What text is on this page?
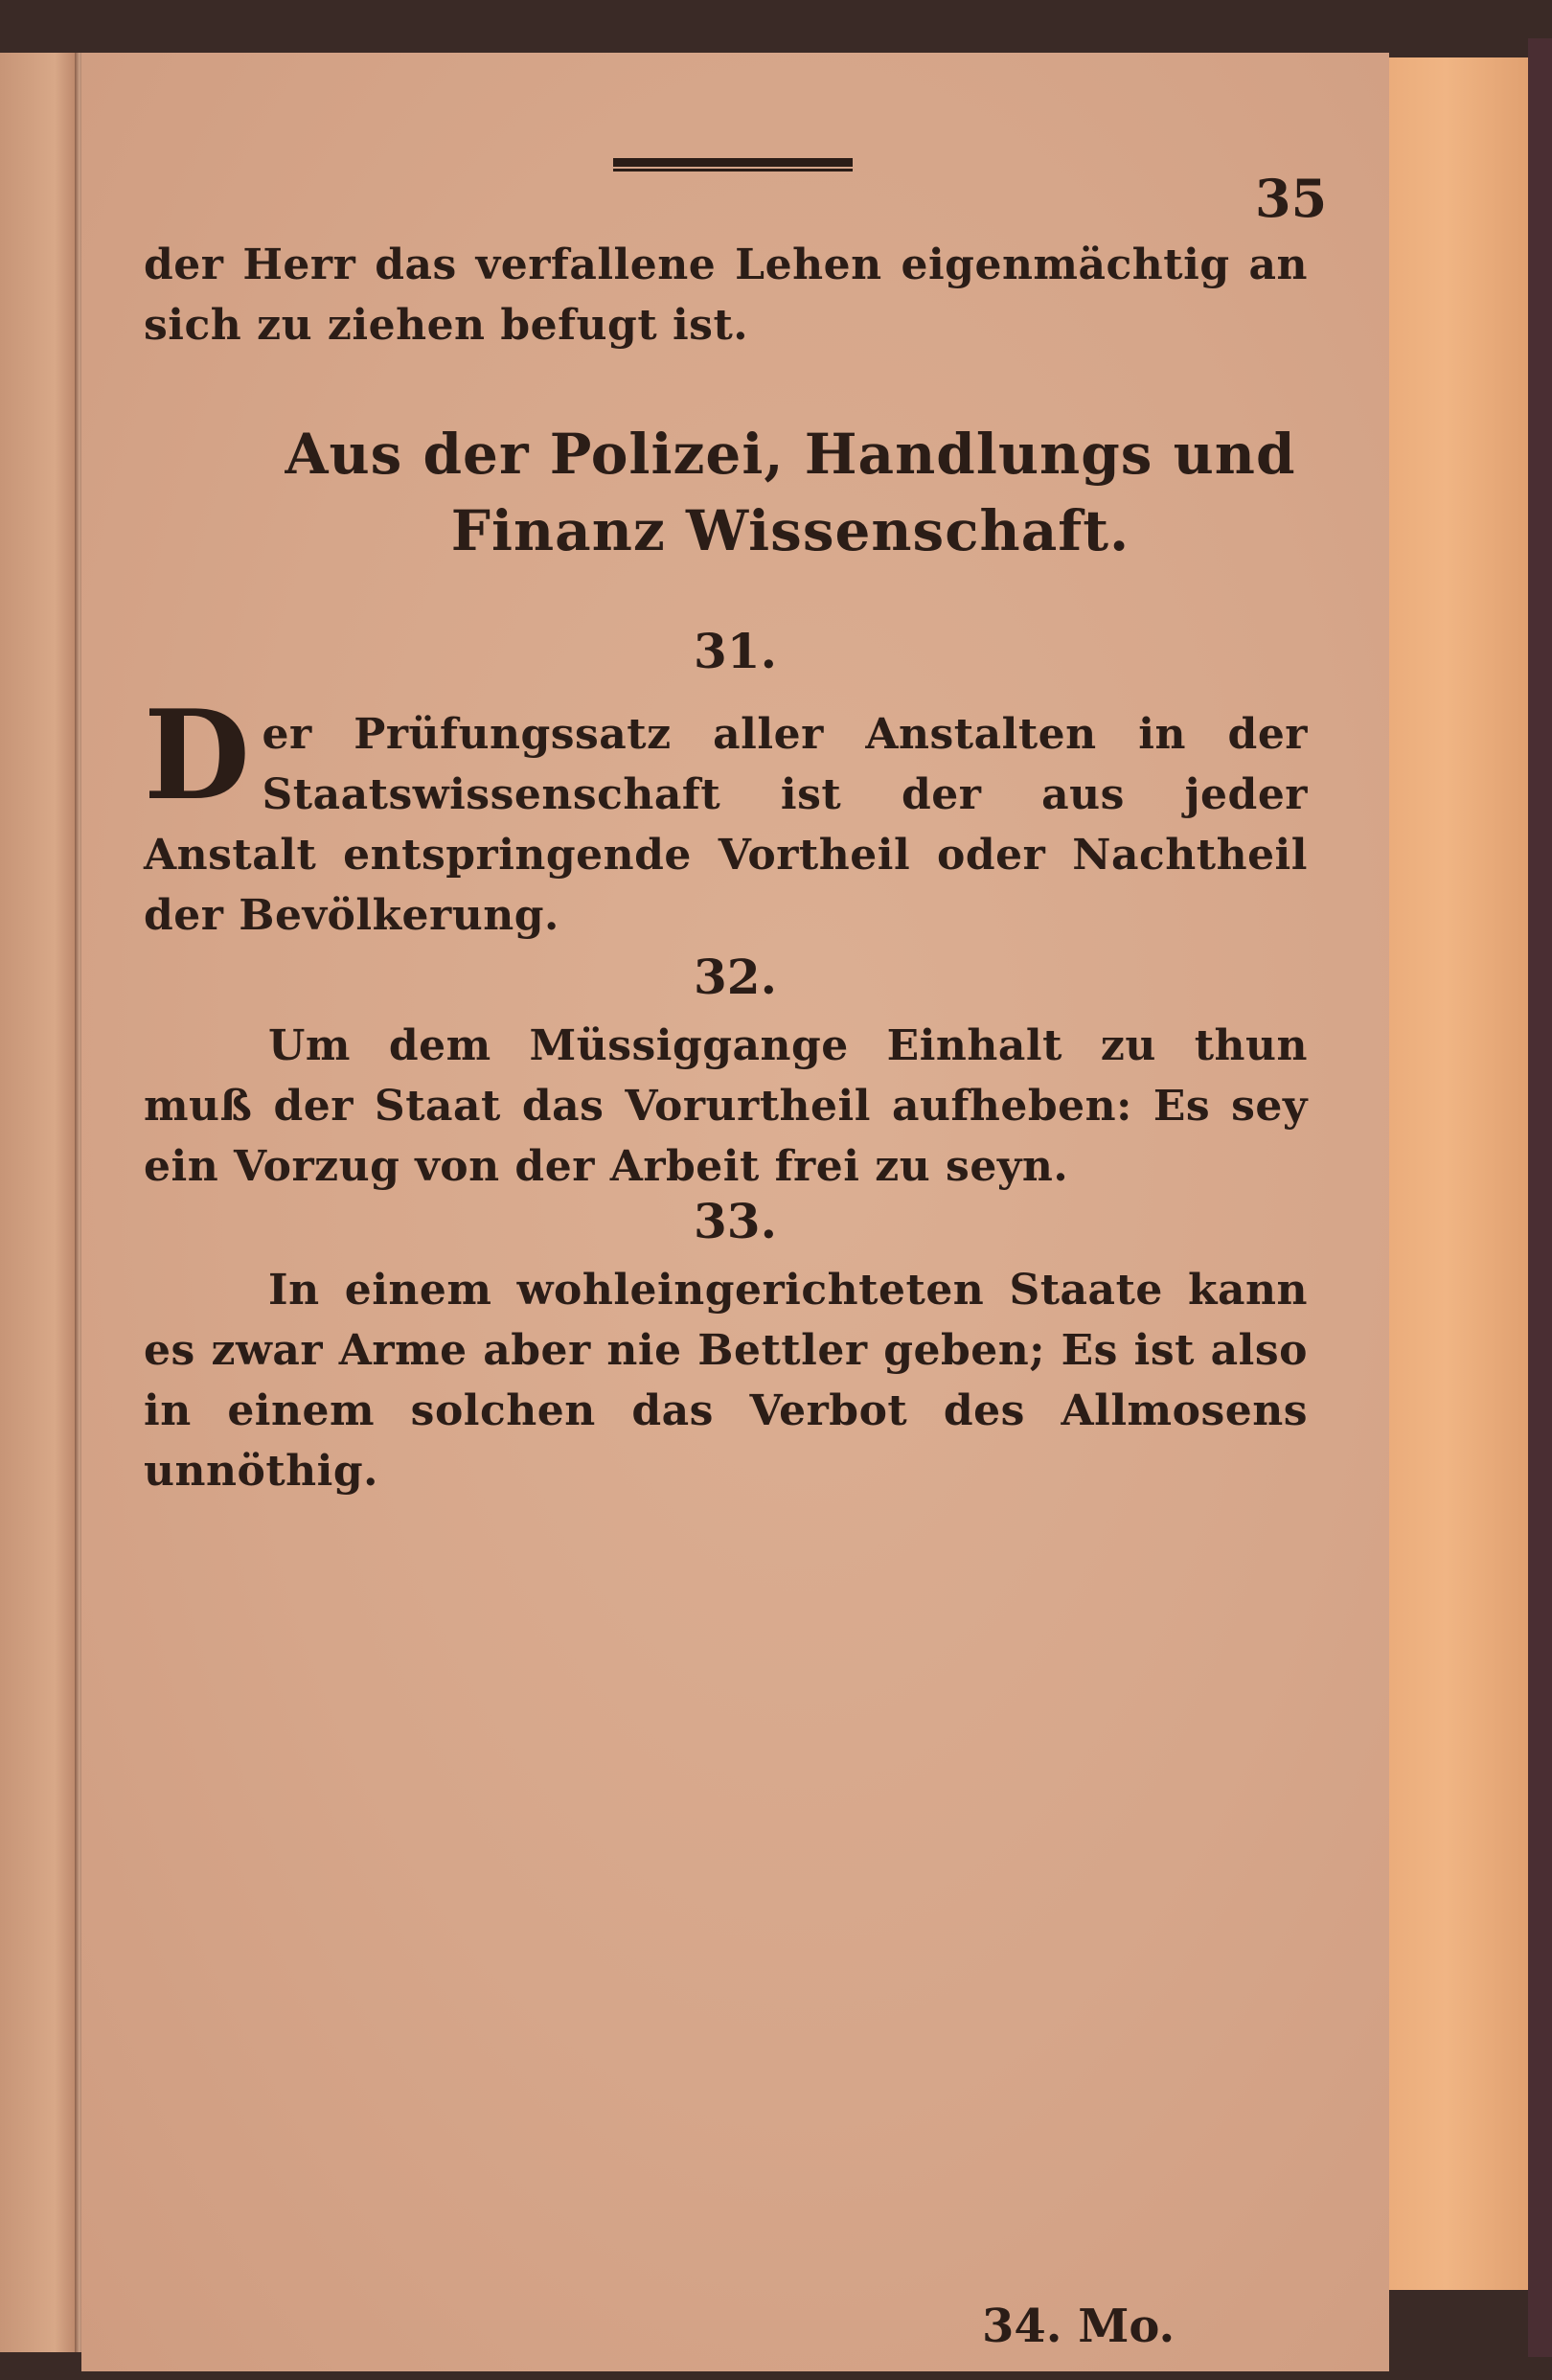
35
der Herr das verfallene Lehen eigenmächtig an sich zu ziehen befugt ist.
Aus der Polizei, Handlungs und
Finanz Wissenschaft.
31.
D er Prüfungssatz aller Anstalten in der Staatswissenschaft ist der aus jeder Anstalt entspringende Vortheil oder Nachtheil der Bevölkerung.
32.
Um dem Müssiggange Einhalt zu thun muß der Staat das Vorurtheil aufheben: Es sey ein Vorzug von der Arbeit frei zu seyn.
33.
In einem wohleingerichteten Staate kann es zwar Arme aber nie Bettler geben; Es ist also in einem solchen das Verbot des Allmosens unnöthig.
34. Mo.
